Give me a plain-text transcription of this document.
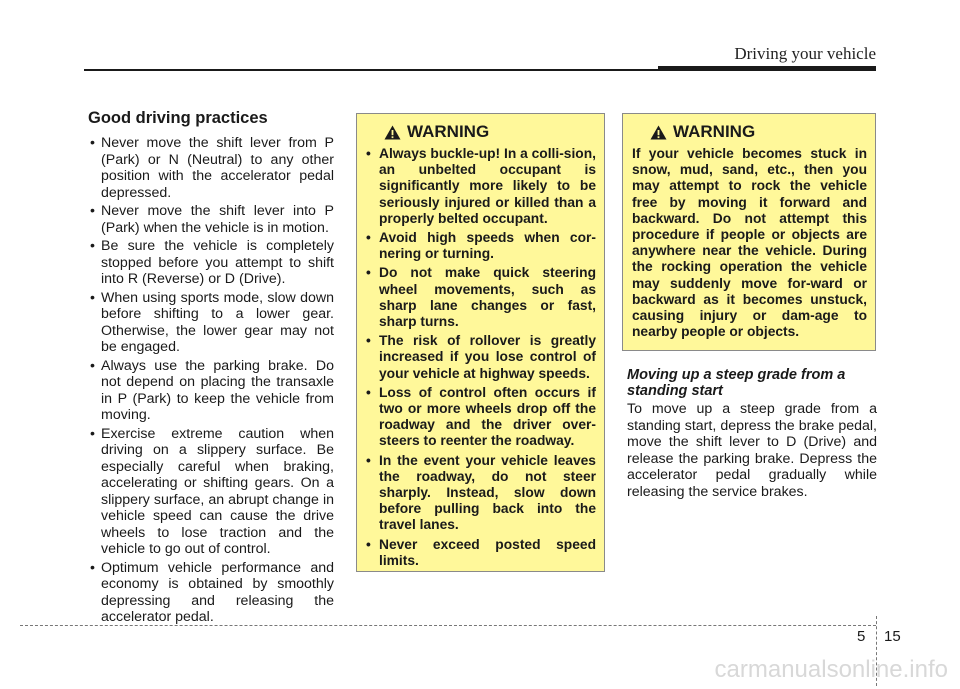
Driving your vehicle
Good driving practices
• Never move the shift lever from P (Park) or N (Neutral) to any other position with the accelerator pedal depressed.
• Never move the shift lever into P (Park) when the vehicle is in motion.
• Be sure the vehicle is completely stopped before you attempt to shift into R (Reverse) or D (Drive).
• When using sports mode, slow down before shifting to a lower gear. Otherwise, the lower gear may not be engaged.
• Always use the parking brake. Do not depend on placing the transaxle in P (Park) to keep the vehicle from moving.
• Exercise extreme caution when driving on a slippery surface. Be especially careful when braking, accelerating or shifting gears. On a slippery surface, an abrupt change in vehicle speed can cause the drive wheels to lose traction and the vehicle to go out of control.
• Optimum vehicle performance and economy is obtained by smoothly depressing and releasing the accelerator pedal.
WARNING
• Always buckle-up! In a colli-sion, an unbelted occupant is significantly more likely to be seriously injured or killed than a properly belted occupant.
• Avoid high speeds when cor-nering or turning.
• Do not make quick steering wheel movements, such as sharp lane changes or fast, sharp turns.
• The risk of rollover is greatly increased if you lose control of your vehicle at highway speeds.
• Loss of control often occurs if two or more wheels drop off the roadway and the driver over-steers to reenter the roadway.
• In the event your vehicle leaves the roadway, do not steer sharply. Instead, slow down before pulling back into the travel lanes.
• Never exceed posted speed limits.
WARNING
If your vehicle becomes stuck in snow, mud, sand, etc., then you may attempt to rock the vehicle free by moving it forward and backward. Do not attempt this procedure if people or objects are anywhere near the vehicle. During the rocking operation the vehicle may suddenly move for-ward or backward as it becomes unstuck, causing injury or dam-age to nearby people or objects.
Moving up a steep grade from a standing start
To move up a steep grade from a standing start, depress the brake pedal, move the shift lever to D (Drive) and release the parking brake. Depress the accelerator pedal gradually while releasing the service brakes.
5 15
carmanualsonline.info
